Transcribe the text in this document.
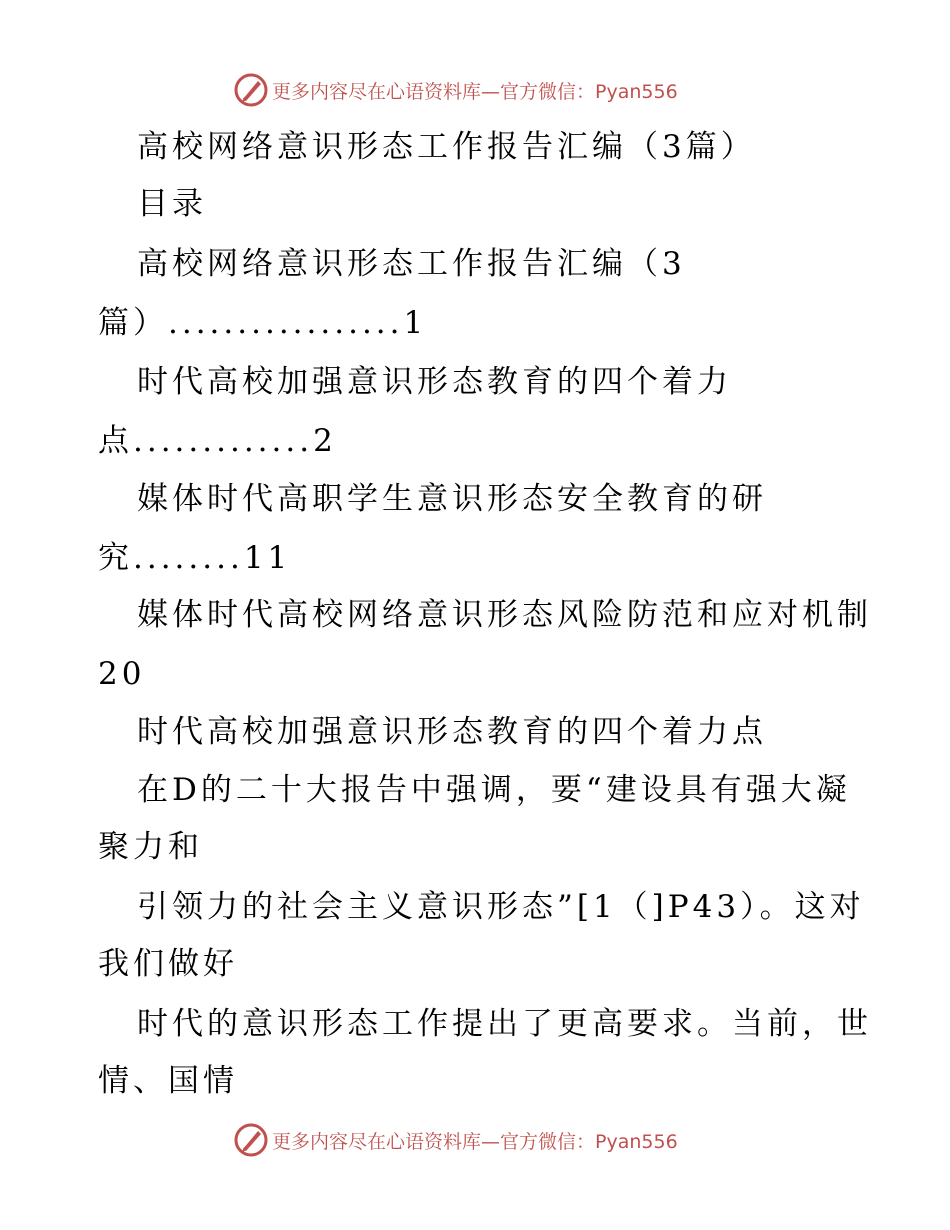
更多内容尽在心语资料库—官方微信：Pyan556
高校网络意识形态工作报告汇编（3篇）
目录
高校网络意识形态工作报告汇编（3
篇）.................1
时代高校加强意识形态教育的四个着力
点.............2
媒体时代高职学生意识形态安全教育的研
究........11
媒体时代高校网络意识形态风险防范和应对机制
20
时代高校加强意识形态教育的四个着力点
在D的二十大报告中强调，要“建设具有强大凝
聚力和
引领力的社会主义意识形态”[1（]P43）。这对
我们做好
时代的意识形态工作提出了更高要求。当前，世
情、国情
更多内容尽在心语资料库—官方微信：Pyan556
